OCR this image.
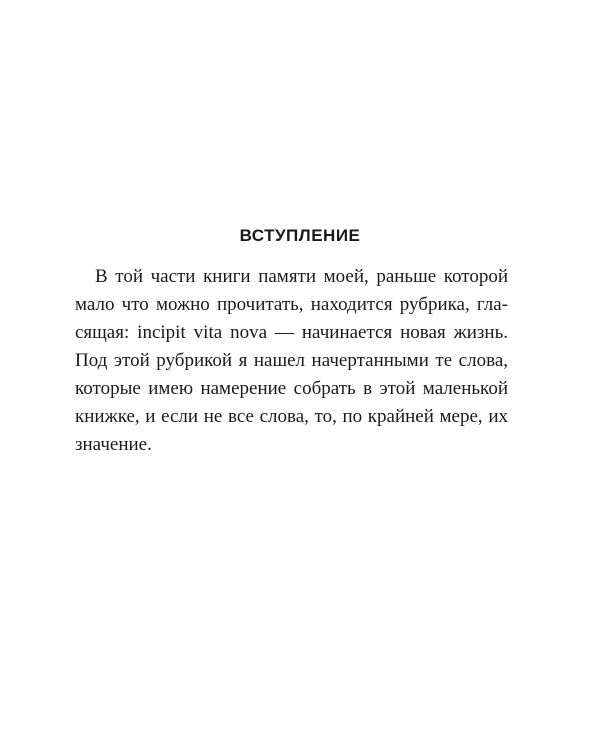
ВСТУПЛЕНИЕ
В той части книги памяти моей, раньше которой
мало что можно прочитать, находится рубрика, гла-
сящая: incipit vita nova — начинается новая жизнь.
Под этой рубрикой я нашел начертанными те слова,
которые имею намерение собрать в этой маленькой
книжке, и если не все слова, то, по крайней мере, их
значение.
